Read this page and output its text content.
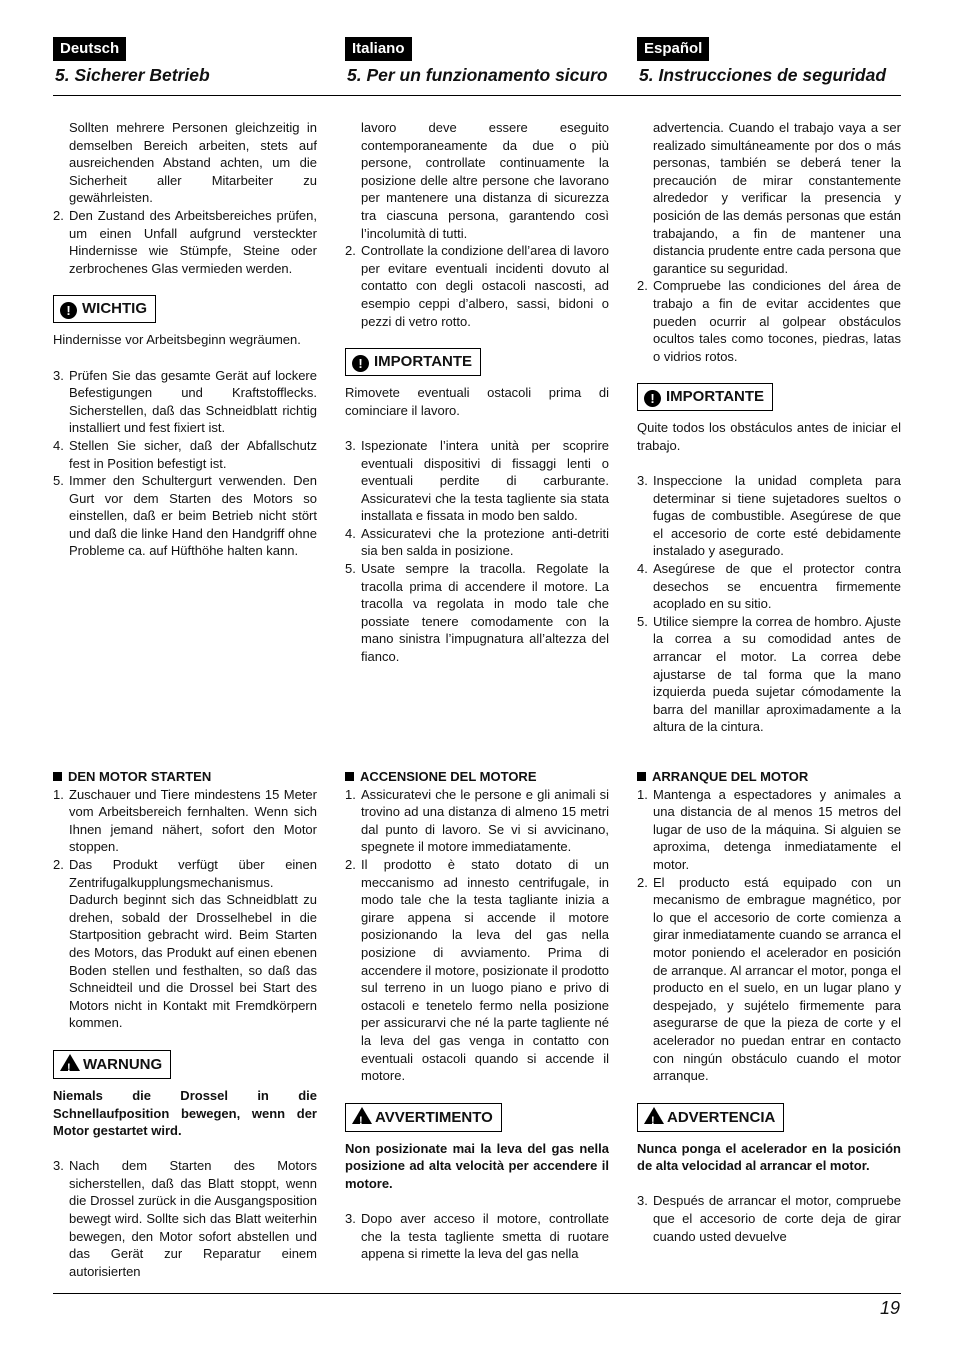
Deutsch	Italiano	Español
5. Sicherer Betrieb	5. Per un funzionamento sicuro 5. Instrucciones de seguridad

Sollten mehrere Personen gleichzeitig in demselben Bereich arbeiten, stets auf ausreichenden Abstand achten, um die Sicherheit aller Mitarbeiter zu gewährleisten.

2. Den Zustand des Arbeitsbereiches prüfen, um einen Unfall aufgrund versteckter Hindernisse wie Stümpfe, Steine oder zerbrochenes Glas vermieden werden.
! WICHTIG

Hindernisse vor Arbeitsbeginn wegräumen.

3. Prüfen Sie das gesamte Gerät auf lockere Befestigungen und Kraftstofflecks. Sicherstellen, daß das Schneidblatt richtig installiert und fest fixiert ist.
4. Stellen Sie sicher, daß der Abfallschutz fest in Position befestigt ist.
5. Immer den Schultergurt verwenden. Den Gurt vor dem Starten des Motors so einstellen, daß er beim Betrieb nicht stört und daß die linke Hand den Handgriff ohne Probleme ca. auf Hüfthöhe halten kann.

lavoro deve essere eseguito contemporaneamente da due o più persone, controllate continuamente la posizione delle altre persone che lavorano per mantenere una distanza di sicurezza tra ciascuna persona, garantendo così l’incolumità di tutti.

2. Controllate la condizione dell’area di lavoro per evitare eventuali incidenti dovuto al contatto con degli ostacoli nascosti, ad esempio ceppi d’albero, sassi, bidoni o pezzi di vetro rotto.
! IMPORTANTE

Rimovete eventuali ostacoli prima di cominciare il lavoro.

3. Ispezionate l’intera unità per scoprire eventuali dispositivi di fissaggi lenti o eventuali perdite di carburante. Assicuratevi che la testa tagliente sia stata installata e fissata in modo ben saldo.
4. Assicuratevi che la protezione anti-detriti sia ben salda in posizione.
5. Usate sempre la tracolla. Regolate la tracolla prima di accendere il motore. La tracolla va regolata in modo tale che possiate tenere comodamente con la mano sinistra l’impugnatura all’altezza del fianco.

advertencia. Cuando el trabajo vaya a ser realizado simultáneamente por dos o más personas, también se deberá tener la precaución de mirar constantemente alrededor y verificar la presencia y posición de las demás personas que están trabajando, a fin de mantener una distancia prudente entre cada persona que garantice su seguridad.

2. Compruebe las condiciones del área de trabajo a fin de evitar accidentes que pueden ocurrir al golpear obstáculos ocultos tales como tocones, piedras, latas o vidrios rotos.
! IMPORTANTE

Quite todos los obstáculos antes de iniciar el trabajo.

3. Inspeccione la unidad completa para determinar si tiene sujetadores sueltos o fugas de combustible. Asegúrese de que el accesorio de corte esté debidamente instalado y asegurado.
4. Asegúrese de que el protector contra desechos se encuentra firmemente acoplado en su sitio.
5. Utilice siempre la correa de hombro. Ajuste la correa a su comodidad antes de arrancar el motor. La correa debe ajustarse de tal forma que la mano izquierda pueda sujetar cómodamente la barra del manillar aproximadamente a la altura de la cintura.
DEN MOTOR STARTEN
1. Zuschauer und Tiere mindestens 15 Meter vom Arbeitsbereich fernhalten. Wenn sich Ihnen jemand nähert, sofort den Motor stoppen.
2. Das Produkt verfügt über einen Zentrifugalkupplungsmechanismus. Dadurch beginnt sich das Schneidblatt zu drehen, sobald der Drosselhebel in die Startposition gebracht wird. Beim Starten des Motors, das Produkt auf einen ebenen Boden stellen und festhalten, so daß das Schneidteil und die Drossel bei Start des Motors nicht in Kontakt mit Fremdkörpern kommen.
! WARNUNG

Niemals die Drossel in die Schnellaufposition bewegen, wenn der Motor gestartet wird.

3. Nach dem Starten des Motors sicherstellen, daß das Blatt stoppt, wenn die Drossel zurück in die Ausgangsposition bewegt wird. Sollte sich das Blatt weiterhin bewegen, den Motor sofort abstellen und das Gerät zur Reparatur einem autorisierten
ACCENSIONE DEL MOTORE
1. Assicuratevi che le persone e gli animali si trovino ad una distanza di almeno 15 metri dal punto di lavoro. Se vi si avvicinano, spegnete il motore immediatamente.
2. Il prodotto è stato dotato di un meccanismo ad innesto centrifugale, in modo tale che la testa tagliante inizia a girare appena si accende il motore posizionando la leva del gas nella posizione di avviamento. Prima di accendere il motore, posizionate il prodotto sul terreno in un luogo piano e privo di ostacoli e tenetelo fermo nella posizione per assicurarvi che né la parte tagliente né la leva del gas venga in contatto con eventuali ostacoli quando si accende il motore.
! AVVERTIMENTO

Non posizionate mai la leva del gas nella posizione ad alta velocità per accendere il motore.

3. Dopo aver acceso il motore, controllate che la testa tagliente smetta di ruotare appena si rimette la leva del gas nella
ARRANQUE DEL MOTOR
1. Mantenga a espectadores y animales a una distancia de al menos 15 metros del lugar de uso de la máquina. Si alguien se aproxima, detenga inmediatamente el motor.
2. El producto está equipado con un mecanismo de embrague magnético, por lo que el accesorio de corte comienza a girar inmediatamente cuando se arranca el motor poniendo el acelerador en posición de arranque. Al arrancar el motor, ponga el producto en el suelo, en un lugar plano y despejado, y sujételo firmemente para asegurarse de que la pieza de corte y el acelerador no puedan entrar en contacto con ningún obstáculo cuando el motor arranque.
! ADVERTENCIA

Nunca ponga el acelerador en la posición de alta velocidad al arrancar el motor.

3. Después de arrancar el motor, compruebe que el accesorio de corte deja de girar cuando usted devuelve
19
